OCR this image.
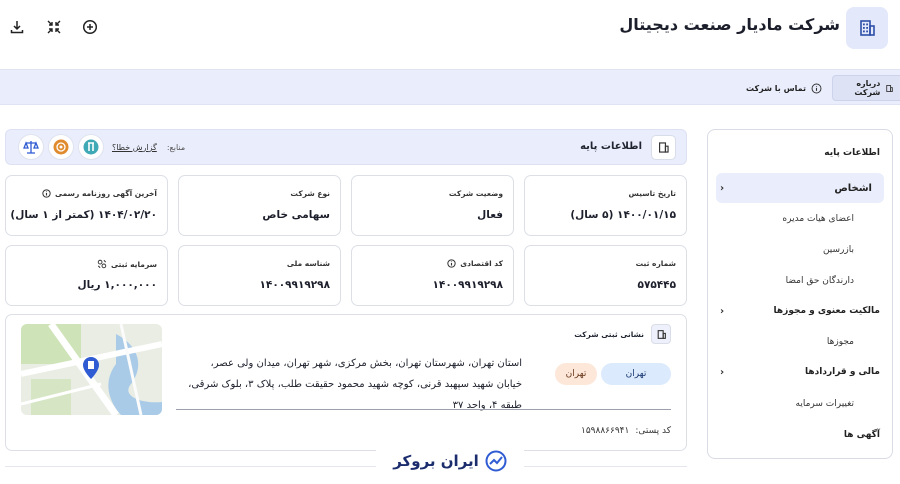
شرکت مادیار صنعت دیجیتال
درباره شرکت
تماس با شرکت
اطلاعات پایه
اشخاص
‹
اعضای هیات مدیره
بازرسین
دارندگان حق امضا
مالکیت معنوی و مجوزها
‹
مجوزها
مالی و قراردادها
‹
تغییرات سرمایه
آگهی ها
اطلاعات پایه
منابع:
گزارش خطا؟
تاریخ تاسیس
۱۴۰۰/۰۱/۱۵ (۵ سال)
وضعیت شرکت
فعال
نوع شرکت
سهامی خاص
آخرین آگهی روزنامه رسمی
۱۴۰۴/۰۲/۲۰ (کمتر از ۱ سال)
شماره ثبت
۵۷۵۴۴۵
کد اقتصادی
۱۴۰۰۹۹۱۹۲۹۸
شناسه ملی
۱۴۰۰۹۹۱۹۲۹۸
سرمایه ثبتی
۱,۰۰۰,۰۰۰ ریال
نشانی ثبتی شرکت
تهران
تهران
استان تهران، شهرستان تهران، بخش مرکزی، شهر تهران، میدان ولی عصر، خیابان شهید سپهبد قرنی، کوچه شهید محمود حقیقت طلب، پلاک ۳، بلوک شرقی، طبقه ۴، واحد ۳۷
کد پستی:۱۵۹۸۸۶۶۹۴۱
ایران بروکر
